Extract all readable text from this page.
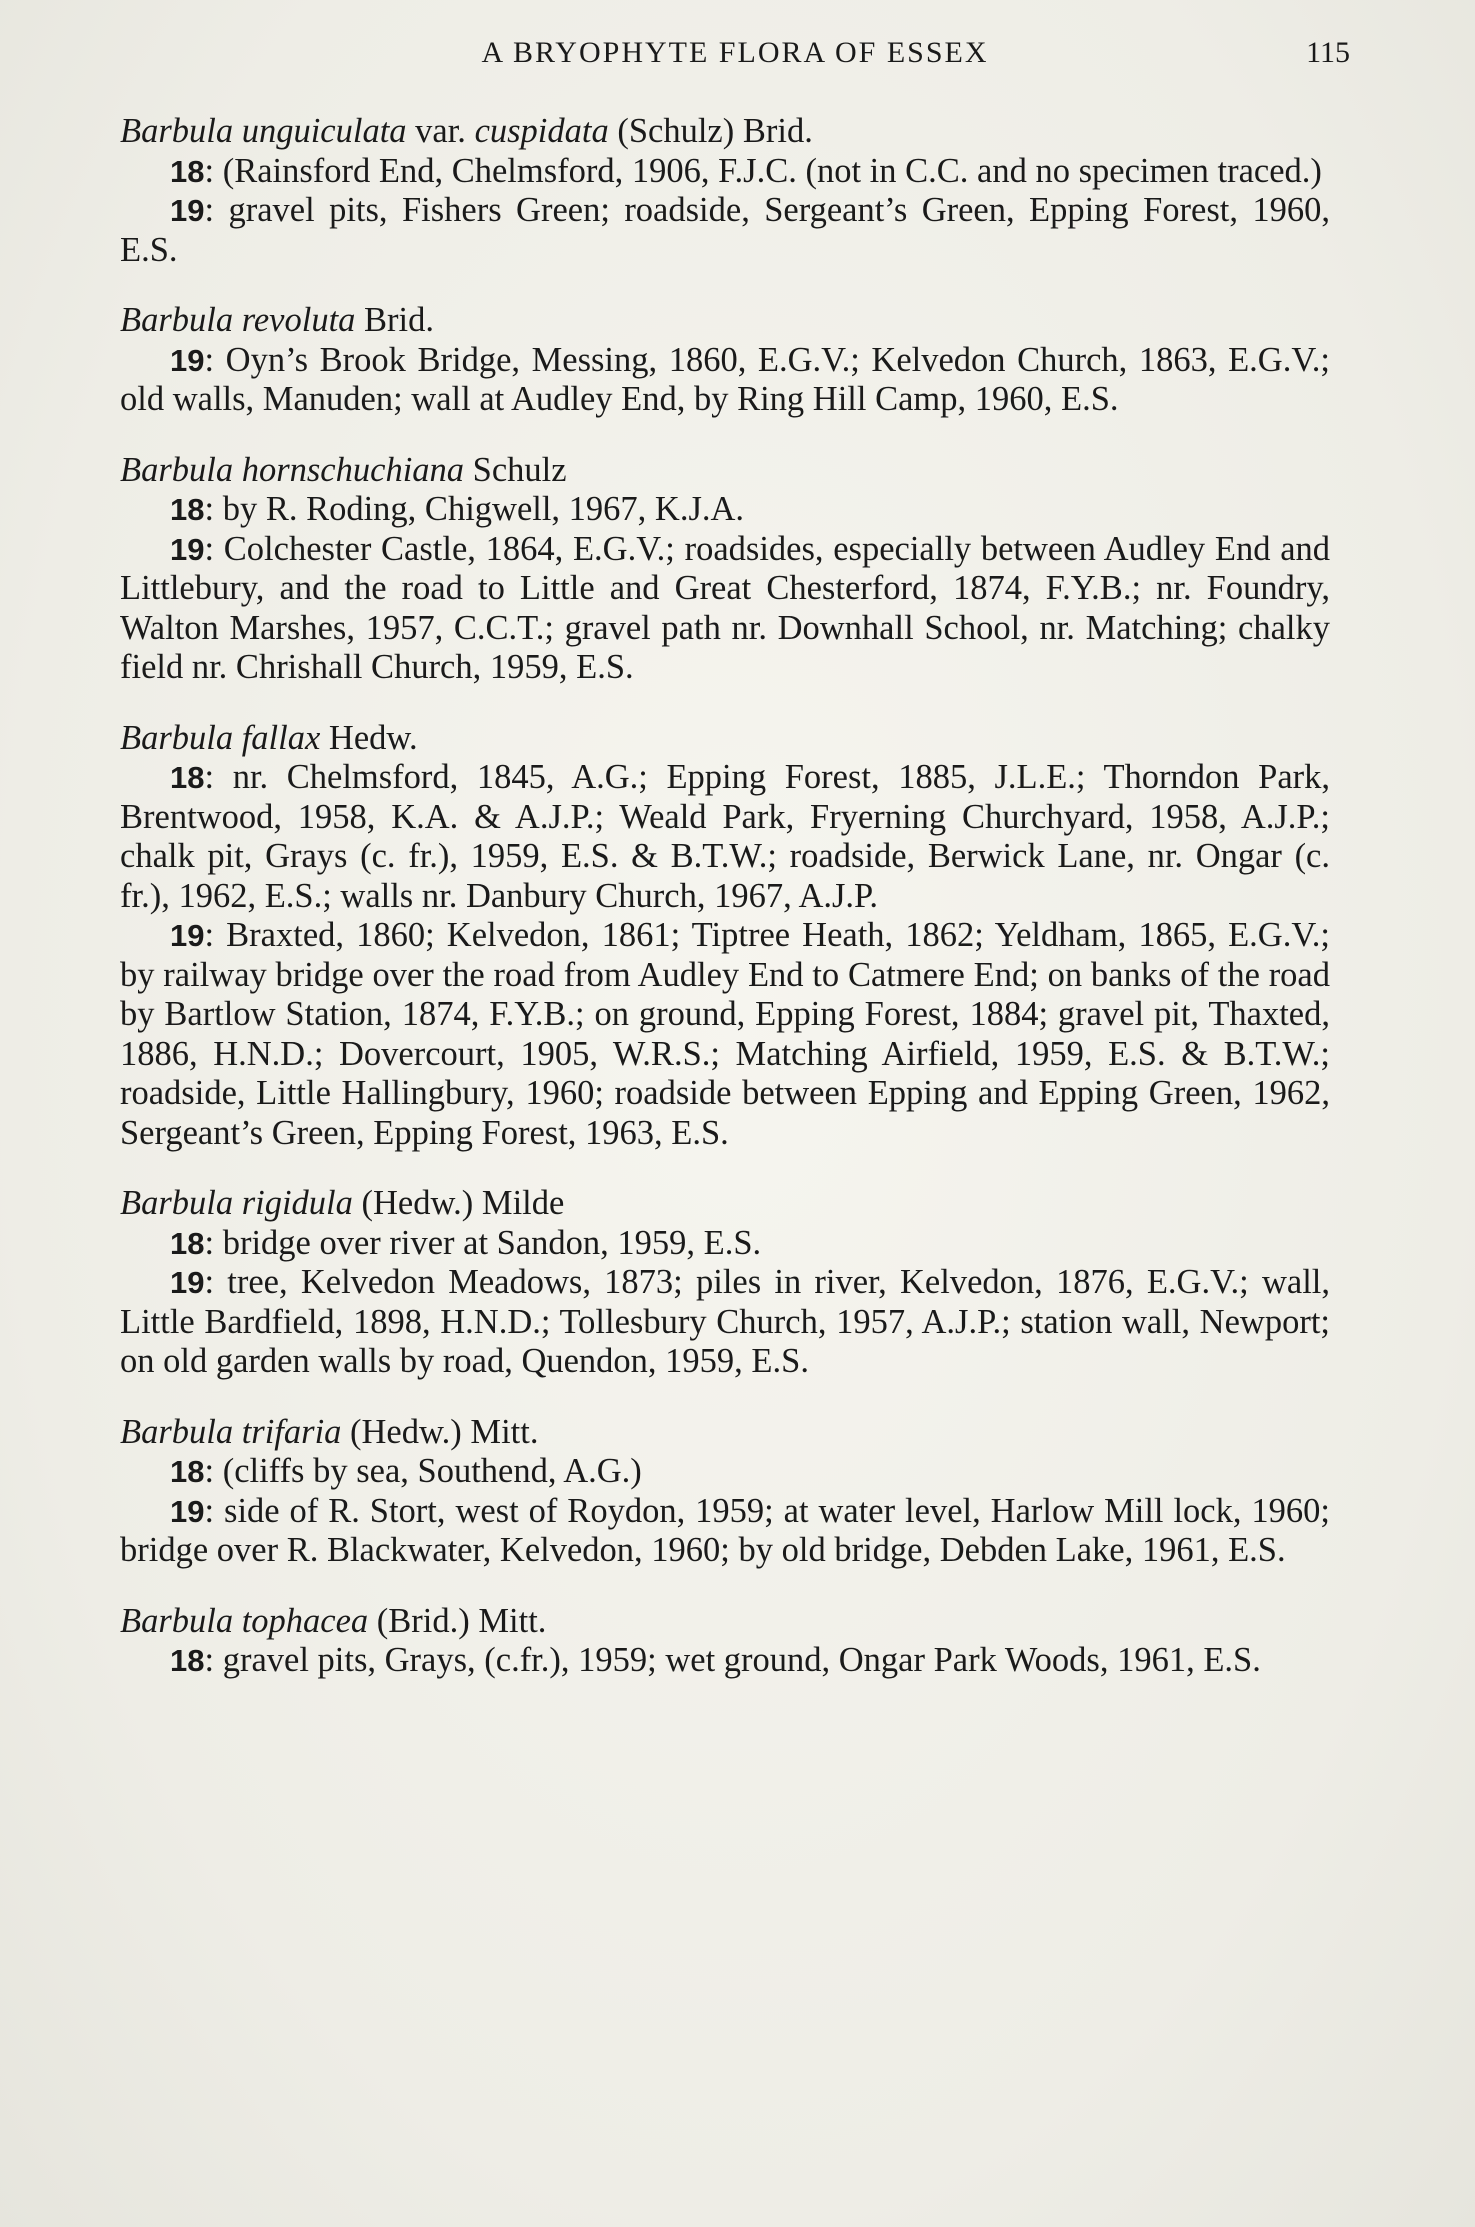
A BRYOPHYTE FLORA OF ESSEX	115

Barbula unguiculata var. cuspidata (Schulz) Brid.

18: (Rainsford End, Chelmsford, 1906, F.J.C. (not in C.C. and no specimen traced.)

19: gravel pits, Fishers Green; roadside, Sergeant’s Green, Epping Forest, 1960, E.S.

Barbula revoluta Brid.

19: Oyn’s Brook Bridge, Messing, 1860, E.G.V.; Kelvedon Church, 1863, E.G.V.; old walls, Manuden; wall at Audley End, by Ring Hill Camp, 1960, E.S.

Barbula hornschuchiana Schulz

18: by R. Roding, Chigwell, 1967, K.J.A.

19: Colchester Castle, 1864, E.G.V.; roadsides, especially between Audley End and Littlebury, and the road to Little and Great Chesterford, 1874, F.Y.B.; nr. Foundry, Walton Marshes, 1957, C.C.T.; gravel path nr. Downhall School, nr. Matching; chalky field nr. Chrishall Church, 1959, E.S.

Barbula fallax Hedw.

18: nr. Chelmsford, 1845, A.G.; Epping Forest, 1885, J.L.E.; Thorndon Park, Brentwood, 1958, K.A. & A.J.P.; Weald Park, Fryerning Churchyard, 1958, A.J.P.; chalk pit, Grays (c. fr.), 1959, E.S. & B.T.W.; roadside, Berwick Lane, nr. Ongar (c. fr.), 1962, E.S.; walls nr. Danbury Church, 1967, A.J.P.

19: Braxted, 1860; Kelvedon, 1861; Tiptree Heath, 1862; Yeldham, 1865, E.G.V.; by railway bridge over the road from Audley End to Catmere End; on banks of the road by Bartlow Station, 1874, F.Y.B.; on ground, Epping Forest, 1884; gravel pit, Thaxted, 1886, H.N.D.; Dovercourt, 1905, W.R.S.; Matching Airfield, 1959, E.S. & B.T.W.; roadside, Little Hallingbury, 1960; roadside between Epping and Epping Green, 1962, Sergeant’s Green, Epping Forest, 1963, E.S.

Barbula rigidula (Hedw.) Milde

18: bridge over river at Sandon, 1959, E.S.

19: tree, Kelvedon Meadows, 1873; piles in river, Kelvedon, 1876, E.G.V.; wall, Little Bardfield, 1898, H.N.D.; Tollesbury Church, 1957, A.J.P.; station wall, Newport; on old garden walls by road, Quendon, 1959, E.S.

Barbula trifaria (Hedw.) Mitt.

18: (cliffs by sea, Southend, A.G.)

19: side of R. Stort, west of Roydon, 1959; at water level, Harlow Mill lock, 1960; bridge over R. Blackwater, Kelvedon, 1960; by old bridge, Debden Lake, 1961, E.S.

Barbula tophacea (Brid.) Mitt.

18: gravel pits, Grays, (c.fr.), 1959; wet ground, Ongar Park Woods, 1961, E.S.
